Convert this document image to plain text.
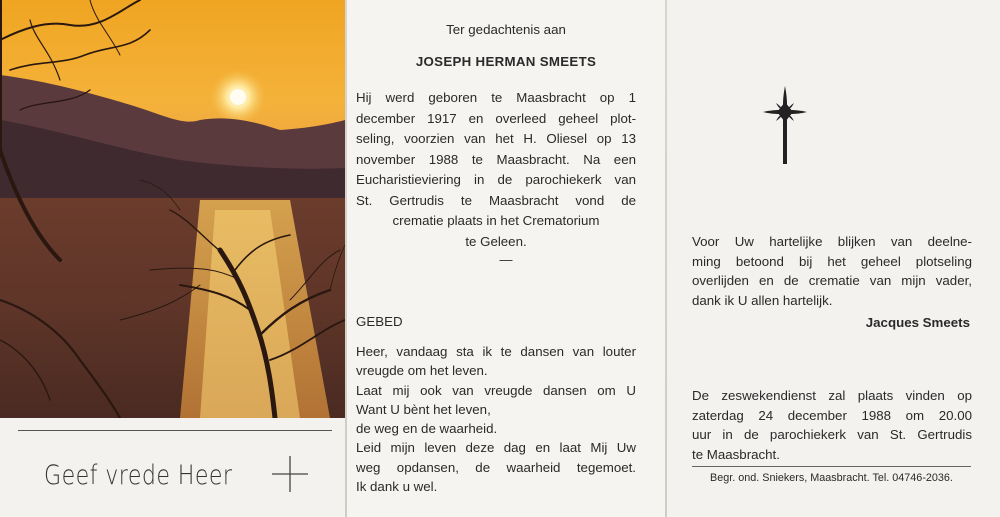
Geef vrede Heer
Ter gedachtenis aan
JOSEPH HERMAN SMEETS

Hij werd geboren te Maasbracht op 1

december 1917 en overleed geheel plot-

seling, voorzien van het H. Oliesel op 13

november 1988 te Maasbracht. Na een

Eucharistieviering in de parochiekerk van

St. Gertrudis te Maasbracht vond de

crematie plaats in het Crematorium

te Geleen.

—
GEBED
Heer, vandaag sta ik te dansen van louter
vreugde om het leven.
Laat mij ook van vreugde dansen om U
Want U bènt het leven,
de weg en de waarheid.
Leid mijn leven deze dag en laat Mij Uw
weg opdansen, de waarheid tegemoet.
Ik dank u wel.
Voor Uw hartelijke blijken van deelne-
ming betoond bij het geheel plotseling
overlijden en de crematie van mijn vader,
dank ik U allen hartelijk.
Jacques Smeets
De zeswekendienst zal plaats vinden op
zaterdag 24 december 1988 om 20.00
uur in de parochiekerk van St. Gertrudis
te Maasbracht.
Begr. ond. Sniekers, Maasbracht. Tel. 04746-2036.
